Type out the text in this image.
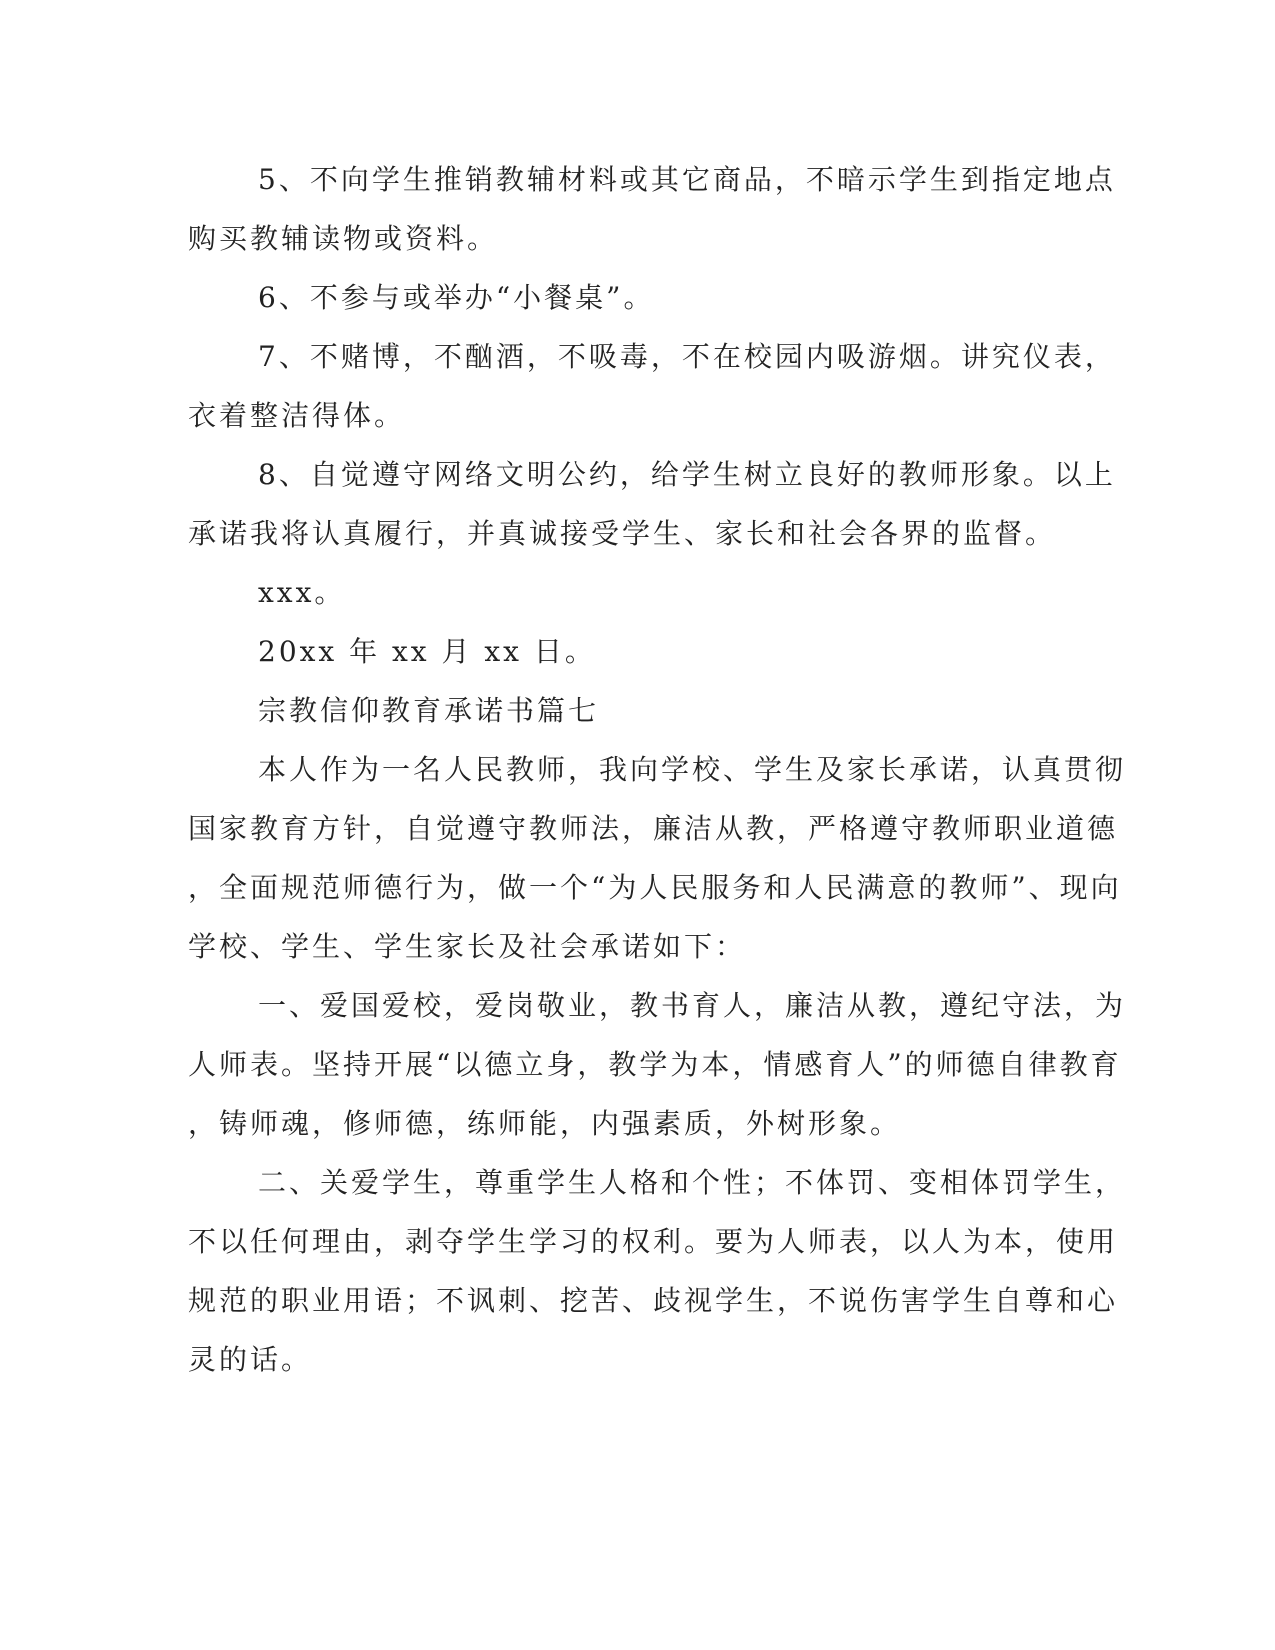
5、不向学生推销教辅材料或其它商品，不暗示学生到指定地点
购买教辅读物或资料。
6、不参与或举办“小餐桌”。
7、不赌博，不酗酒，不吸毒，不在校园内吸游烟。讲究仪表，
衣着整洁得体。
8、自觉遵守网络文明公约，给学生树立良好的教师形象。以上
承诺我将认真履行，并真诚接受学生、家长和社会各界的监督。
xxx。
20xx 年 xx 月 xx 日。
宗教信仰教育承诺书篇七
本人作为一名人民教师，我向学校、学生及家长承诺，认真贯彻
国家教育方针，自觉遵守教师法，廉洁从教，严格遵守教师职业道德
，全面规范师德行为，做一个“为人民服务和人民满意的教师”、现向
学校、学生、学生家长及社会承诺如下：
一、爱国爱校，爱岗敬业，教书育人，廉洁从教，遵纪守法，为
人师表。坚持开展“以德立身，教学为本，情感育人”的师德自律教育
，铸师魂，修师德，练师能，内强素质，外树形象。
二、关爱学生，尊重学生人格和个性；不体罚、变相体罚学生，
不以任何理由，剥夺学生学习的权利。要为人师表，以人为本，使用
规范的职业用语；不讽刺、挖苦、歧视学生，不说伤害学生自尊和心
灵的话。
